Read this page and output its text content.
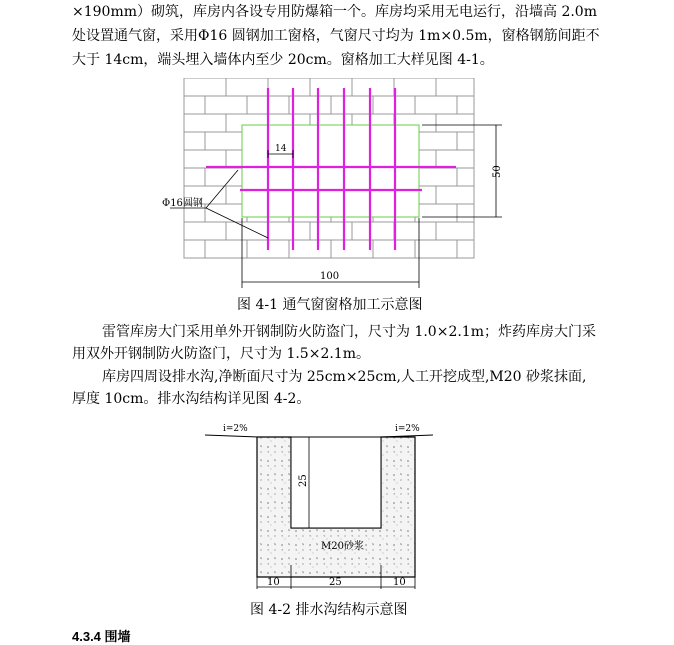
×190mm）砌筑，库房内各设专用防爆箱一个。库房均采用无电运行，沿墙高 2.0m
处设置通气窗，采用Φ16 圆钢加工窗格，气窗尺寸均为 1m×0.5m，窗格钢筋间距不
大于 14cm，端头埋入墙体内至少 20cm。窗格加工大样见图 4-1。
14
50
100
Φ16圆钢
图 4-1 通气窗窗格加工示意图
雷管库房大门采用单外开钢制防火防盗门，尺寸为 1.0×2.1m；炸药库房大门采
用双外开钢制防火防盗门，尺寸为 1.5×2.1m。
库房四周设排水沟,净断面尺寸为 25cm×25cm,人工开挖成型,M20 砂浆抹面,
厚度 10cm。排水沟结构详见图 4-2。
i=2%	i=2%
25
M20砂浆
10	25	10
图 4-2 排水沟结构示意图
4.3.4 围墙
